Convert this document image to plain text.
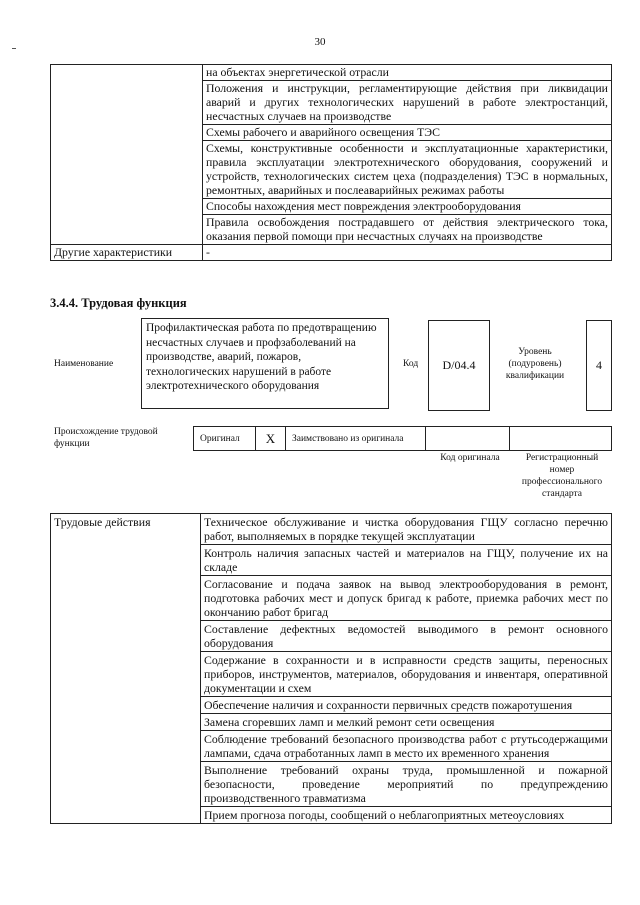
30
	на объектах энергетической отрасли
	Положения и инструкции, регламентирующие действия при ликвидации аварий и других технологических нарушений в работе электростанций, несчастных случаев на производстве
	Схемы рабочего и аварийного освещения ТЭС
	Схемы, конструктивные особенности и эксплуатационные характеристики, правила эксплуатации электротехнического оборудования, сооружений и устройств, технологических систем цеха (подразделения) ТЭС в нормальных, ремонтных, аварийных и послеаварийных режимах работы
	Способы нахождения мест повреждения электрооборудования
	Правила освобождения пострадавшего от действия электрического тока, оказания первой помощи при несчастных случаях на производстве
Другие характеристики	-
3.4.4. Трудовая функция
Наименование
Профилактическая работа по предотвращению несчастных случаев и профзаболеваний на производстве, аварий, пожаров, технологических нарушений в работе электротехнического оборудования
Код	D/04.4
Уровень (подуровень) квалификации
4
Происхождение трудовой функции
Оригинал	X	Заимствовано из оригинала
Код оригинала	Регистрационный номер профессионального стандарта
Трудовые действия	Техническое обслуживание и чистка оборудования ГЩУ согласно перечню работ, выполняемых в порядке текущей эксплуатации
Контроль наличия запасных частей и материалов на ГЩУ, получение их на складе
Согласование и подача заявок на вывод электрооборудования в ремонт, подготовка рабочих мест и допуск бригад к работе, приемка рабочих мест по окончанию работ бригад
Составление дефектных ведомостей выводимого в ремонт основного оборудования
Содержание в сохранности и в исправности средств защиты, переносных приборов, инструментов, материалов, оборудования и инвентаря, оперативной документации и схем
Обеспечение наличия и сохранности первичных средств пожаротушения
Замена сгоревших ламп и мелкий ремонт сети освещения
Соблюдение требований безопасного производства работ с ртутьсодержащими лампами, сдача отработанных ламп в место их временного хранения
Выполнение требований охраны труда, промышленной и пожарной безопасности, проведение мероприятий по предупреждению производственного травматизма
Прием прогноза погоды, сообщений о неблагоприятных метеоусловиях
